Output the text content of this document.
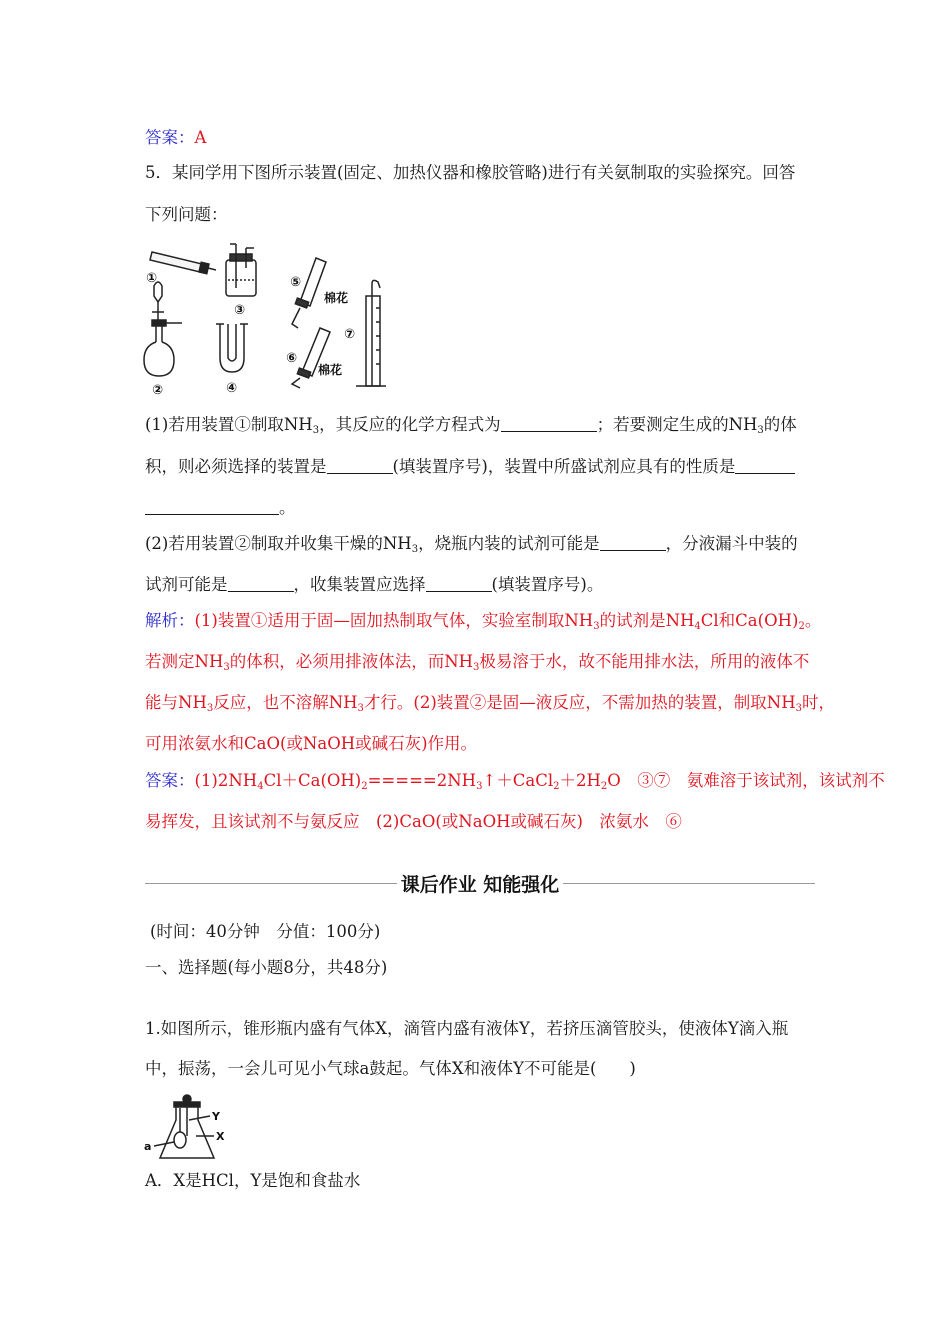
答案：A
5．某同学用下图所示装置(固定、加热仪器和橡胶管略)进行有关氨制取的实验探究。回答
下列问题：
①
②
③
④
⑤
⑥
⑦
棉花
棉花
(1)若用装置①制取$NH_3$，其反应的化学方程式为	；若要测定生成的$NH_3$的体
积，则必须选择的装置是	(填装置序号)，装置中所盛试剂应具有的性质是
。
(2)若用装置②制取并收集干燥的$NH_3$，烧瓶内装的试剂可能是	，分液漏斗中装的
试剂可能是	，收集装置应选择	(填装置序号)。
解析：(1)装置①适用于固—固加热制取气体，实验室制取$NH_3$的试剂是$NH_4Cl$和$Ca(OH)_2$。
若测定$NH_3$的体积，必须用排液体法，而$NH_3$极易溶于水，故不能用排水法，所用的液体不
能与$NH_3$反应，也不溶解$NH_3$才行。(2)装置②是固—液反应，不需加热的装置，制取$NH_3$时，
可用浓氨水和CaO(或NaOH或碱石灰)作用。
答案：$(1)2NH_4Cl+Ca(OH)_2=====2NH_3↑+CaCl_2+2H_2O$　③⑦　氨难溶于该试剂，该试剂不
易挥发，且该试剂不与氨反应　(2)CaO(或NaOH或碱石灰)　浓氨水　⑥
课后作业 知能强化
(时间：40分钟　分值：100分)
一、选择题(每小题8分，共48分)
1.如图所示，锥形瓶内盛有气体X，滴管内盛有液体Y，若挤压滴管胶头，使液体Y滴入瓶
中，振荡，一会儿可见小气球a鼓起。气体X和液体Y不可能是(　　)
Y
X
a
A．X是HCl，Y是饱和食盐水
